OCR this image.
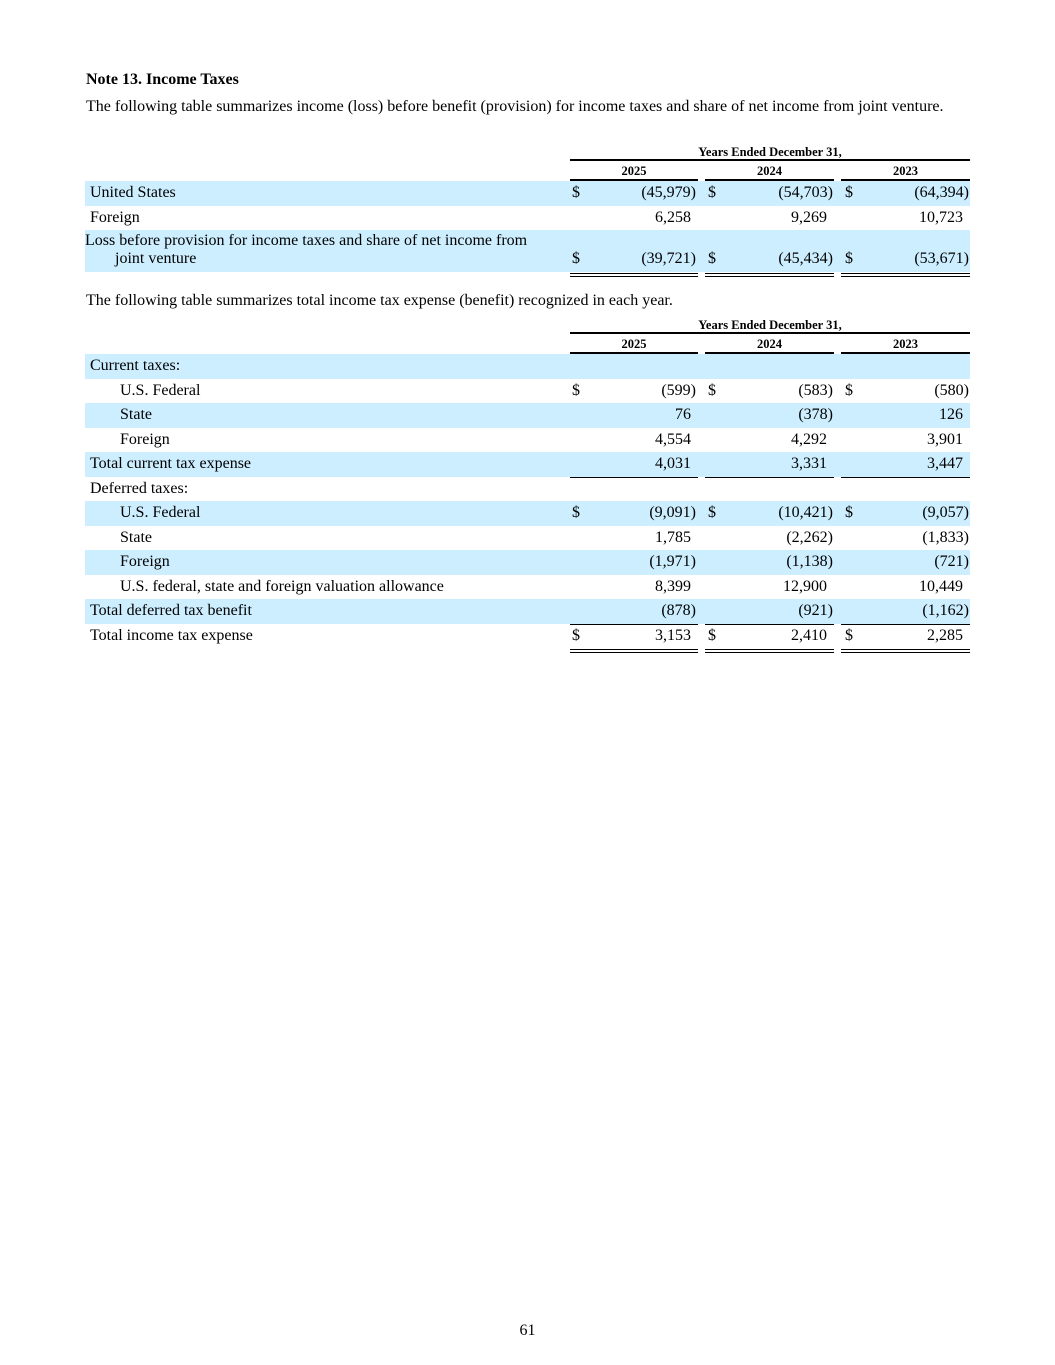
Note 13. Income Taxes
The following table summarizes income (loss) before benefit (provision) for income taxes and share of net income from joint venture.
Years Ended December 31,
2025	2024	2023
United States	$	(45,979) $	(54,703) $	(64,394)
Foreign	6,258	9,269	10,723
Loss before provision for income taxes and share of net income from
joint venture	$	(39,721) $	(45,434) $	(53,671)
The following table summarizes total income tax expense (benefit) recognized in each year.
Years Ended December 31,
2025	2024	2023
Current taxes:
U.S. Federal	$	(599) $	(583) $	(580)
State	76	(378)	126
Foreign	4,554	4,292	3,901
Total current tax expense	4,031	3,331	3,447
Deferred taxes:
U.S. Federal	$	(9,091) $	(10,421) $	(9,057)
State	1,785	(2,262)	(1,833)
Foreign	(1,971)	(1,138)	(721)
U.S. federal, state and foreign valuation allowance	8,399	12,900	10,449
Total deferred tax benefit	(878)	(921)	(1,162)
Total income tax expense	$	3,153 $	2,410 $	2,285
61
